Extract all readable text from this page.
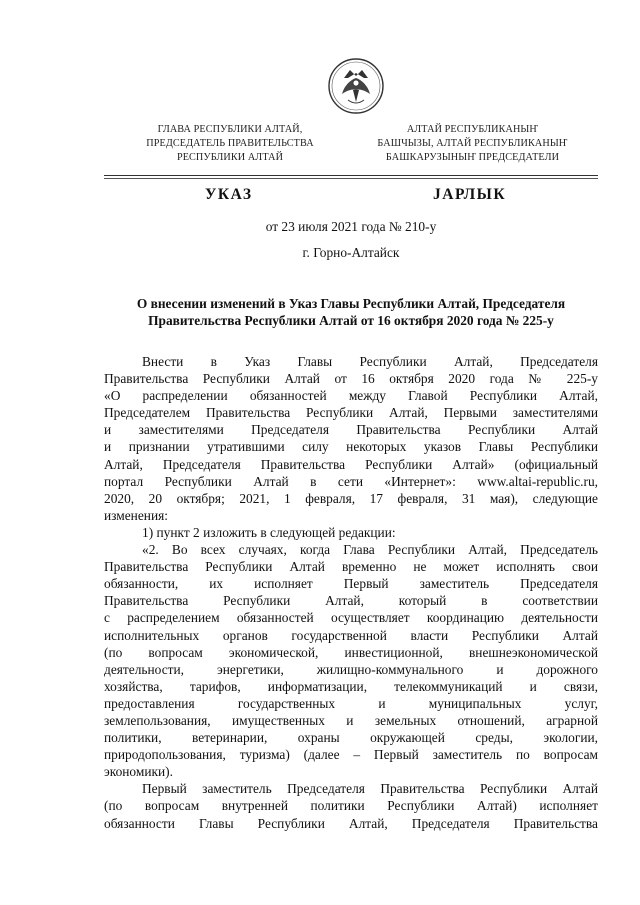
ГЛАВА РЕСПУБЛИКИ АЛТАЙ,
ПРЕДСЕДАТЕЛЬ ПРАВИТЕЛЬСТВА
РЕСПУБЛИКИ АЛТАЙ
АЛТАЙ РЕСПУБЛИКАНЫҤ
БАШЧЫЗЫ, АЛТАЙ РЕСПУБЛИКАНЫҤ
БАШКАРУЗЫНЫҤ ПРЕДСЕДАТЕЛИ
УКАЗ	ЈАРЛЫК
от 23 июля 2021 года № 210-у
г. Горно-Алтайск
О внесении изменений в Указ Главы Республики Алтай, Председателя
Правительства Республики Алтай от 16 октября 2020 года № 225-у
Внести в Указ Главы Республики Алтай, Председателя
Правительства Республики Алтай от 16 октября 2020 года № 225-у
«О распределении обязанностей между Главой Республики Алтай,
Председателем Правительства Республики Алтай, Первыми заместителями
и заместителями Председателя Правительства Республики Алтай
и признании утратившими силу некоторых указов Главы Республики
Алтай, Председателя Правительства Республики Алтай» (официальный
портал Республики Алтай в сети «Интернет»: www.altai-republic.ru,
2020, 20 октября; 2021, 1 февраля, 17 февраля, 31 мая), следующие
изменения:
1) пункт 2 изложить в следующей редакции:
«2. Во всех случаях, когда Глава Республики Алтай, Председатель
Правительства Республики Алтай временно не может исполнять свои
обязанности, их исполняет Первый заместитель Председателя
Правительства Республики Алтай, который в соответствии
с распределением обязанностей осуществляет координацию деятельности
исполнительных органов государственной власти Республики Алтай
(по вопросам экономической, инвестиционной, внешнеэкономической
деятельности, энергетики, жилищно-коммунального и дорожного
хозяйства, тарифов, информатизации, телекоммуникаций и связи,
предоставления государственных и муниципальных услуг,
землепользования, имущественных и земельных отношений, аграрной
политики, ветеринарии, охраны окружающей среды, экологии,
природопользования, туризма) (далее – Первый заместитель по вопросам
экономики).
Первый заместитель Председателя Правительства Республики Алтай
(по вопросам внутренней политики Республики Алтай) исполняет
обязанности Главы Республики Алтай, Председателя Правительства
